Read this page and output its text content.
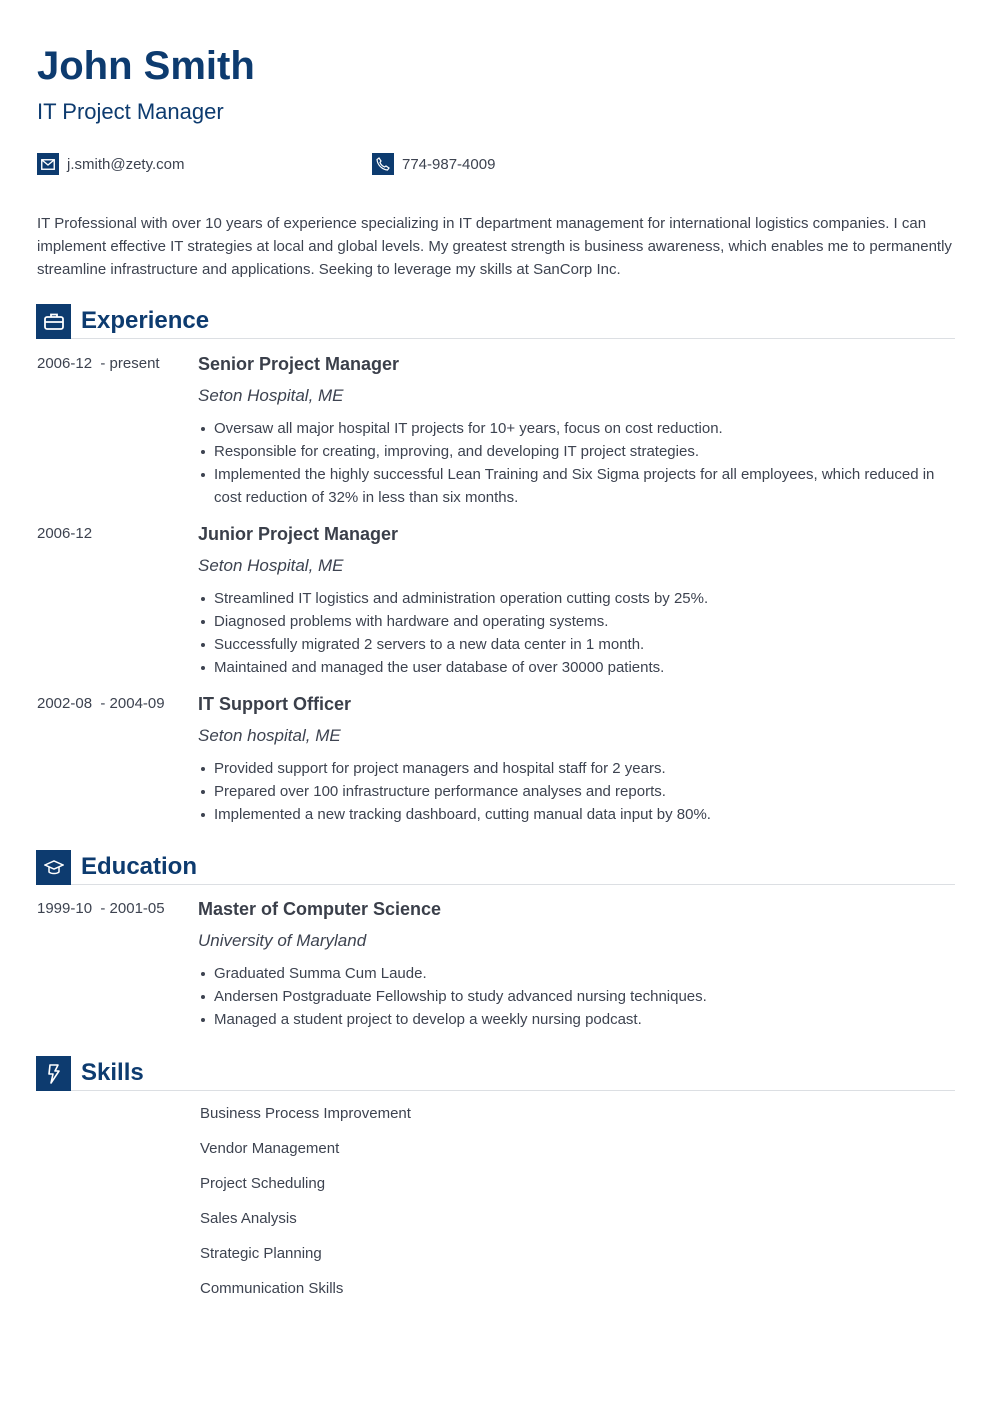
John Smith
IT Project Manager
j.smith@zety.com	774-987-4009
IT Professional with over 10 years of experience specializing in IT department management for international logistics companies. I can implement effective IT strategies at local and global levels. My greatest strength is business awareness, which enables me to permanently streamline infrastructure and applications. Seeking to leverage my skills at SanCorp Inc.
Experience
2006-12  - present Senior Project Manager
Seton Hospital, ME
Oversaw all major hospital IT projects for 10+ years, focus on cost reduction.
Responsible for creating, improving, and developing IT project strategies.
Implemented the highly successful Lean Training and Six Sigma projects for all employees, which reduced in cost reduction of 32% in less than six months.
2006-12	Junior Project Manager
Seton Hospital, ME
Streamlined IT logistics and administration operation cutting costs by 25%.
Diagnosed problems with hardware and operating systems.
Successfully migrated 2 servers to a new data center in 1 month.
Maintained and managed the user database of over 30000 patients.
2002-08  - 2004-09 IT Support Officer
Seton hospital, ME
Provided support for project managers and hospital staff for 2 years.
Prepared over 100 infrastructure performance analyses and reports.
Implemented a new tracking dashboard, cutting manual data input by 80%.
Education
1999-10  - 2001-05 Master of Computer Science
University of Maryland
Graduated Summa Cum Laude.
Andersen Postgraduate Fellowship to study advanced nursing techniques.
Managed a student project to develop a weekly nursing podcast.
Skills
Business Process Improvement
Vendor Management
Project Scheduling
Sales Analysis
Strategic Planning
Communication Skills
